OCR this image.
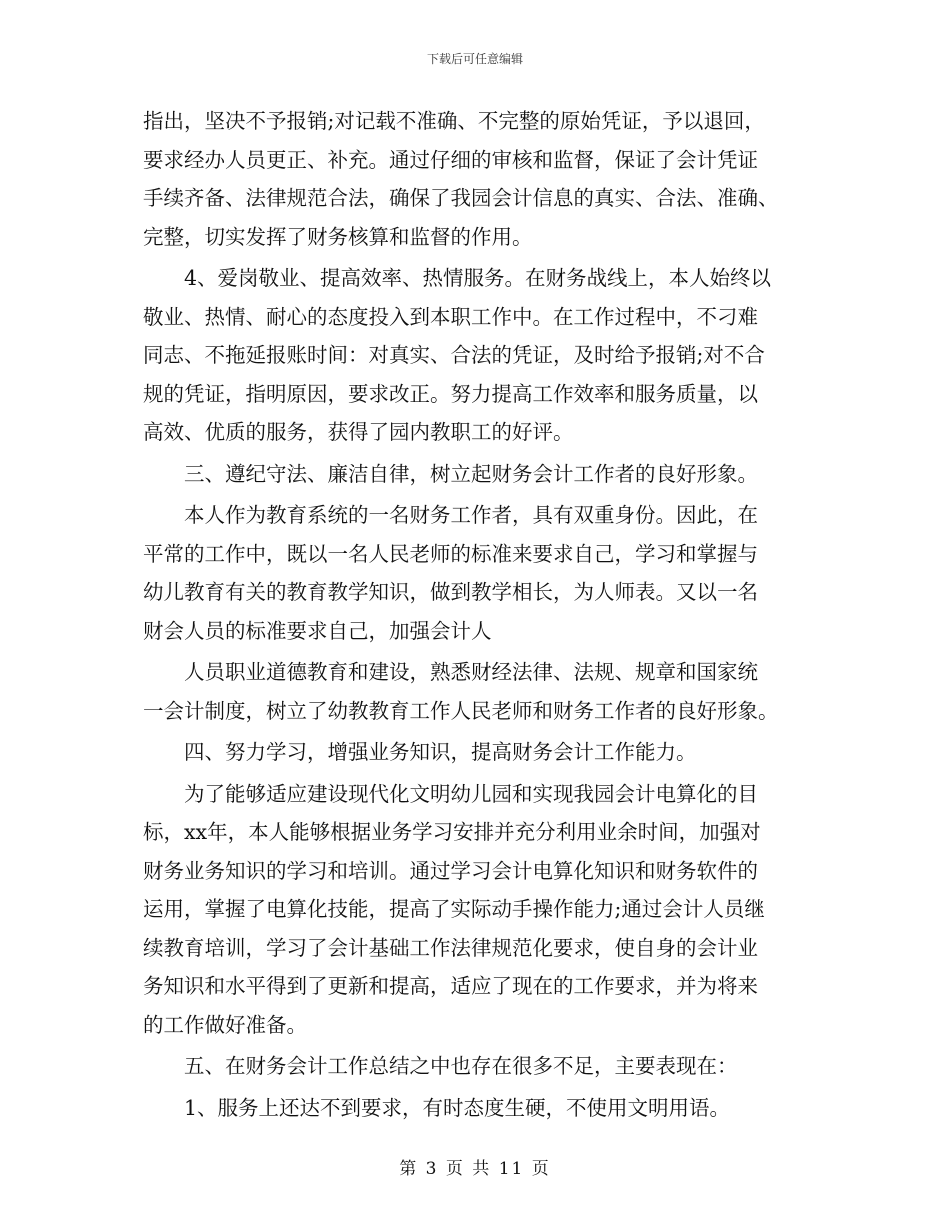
下载后可任意编辑
指出，坚决不予报销;对记载不准确、不完整的原始凭证，予以退回，
要求经办人员更正、补充。通过仔细的审核和监督，保证了会计凭证
手续齐备、法律规范合法，确保了我园会计信息的真实、合法、准确、
完整，切实发挥了财务核算和监督的作用。
4、爱岗敬业、提高效率、热情服务。在财务战线上，本人始终以
敬业、热情、耐心的态度投入到本职工作中。在工作过程中，不刁难
同志、不拖延报账时间：对真实、合法的凭证，及时给予报销;对不合
规的凭证，指明原因，要求改正。努力提高工作效率和服务质量，以
高效、优质的服务，获得了园内教职工的好评。
三、遵纪守法、廉洁自律，树立起财务会计工作者的良好形象。
本人作为教育系统的一名财务工作者，具有双重身份。因此，在
平常的工作中，既以一名人民老师的标准来要求自己，学习和掌握与
幼儿教育有关的教育教学知识，做到教学相长，为人师表。又以一名
财会人员的标准要求自己，加强会计人
人员职业道德教育和建设，熟悉财经法律、法规、规章和国家统
一会计制度，树立了幼教教育工作人民老师和财务工作者的良好形象。
四、努力学习，增强业务知识，提高财务会计工作能力。
为了能够适应建设现代化文明幼儿园和实现我园会计电算化的目
标，xx年，本人能够根据业务学习安排并充分利用业余时间，加强对
财务业务知识的学习和培训。通过学习会计电算化知识和财务软件的
运用，掌握了电算化技能，提高了实际动手操作能力;通过会计人员继
续教育培训，学习了会计基础工作法律规范化要求，使自身的会计业
务知识和水平得到了更新和提高，适应了现在的工作要求，并为将来
的工作做好准备。
五、在财务会计工作总结之中也存在很多不足，主要表现在：
1、服务上还达不到要求，有时态度生硬，不使用文明用语。
第 3 页 共 11 页
